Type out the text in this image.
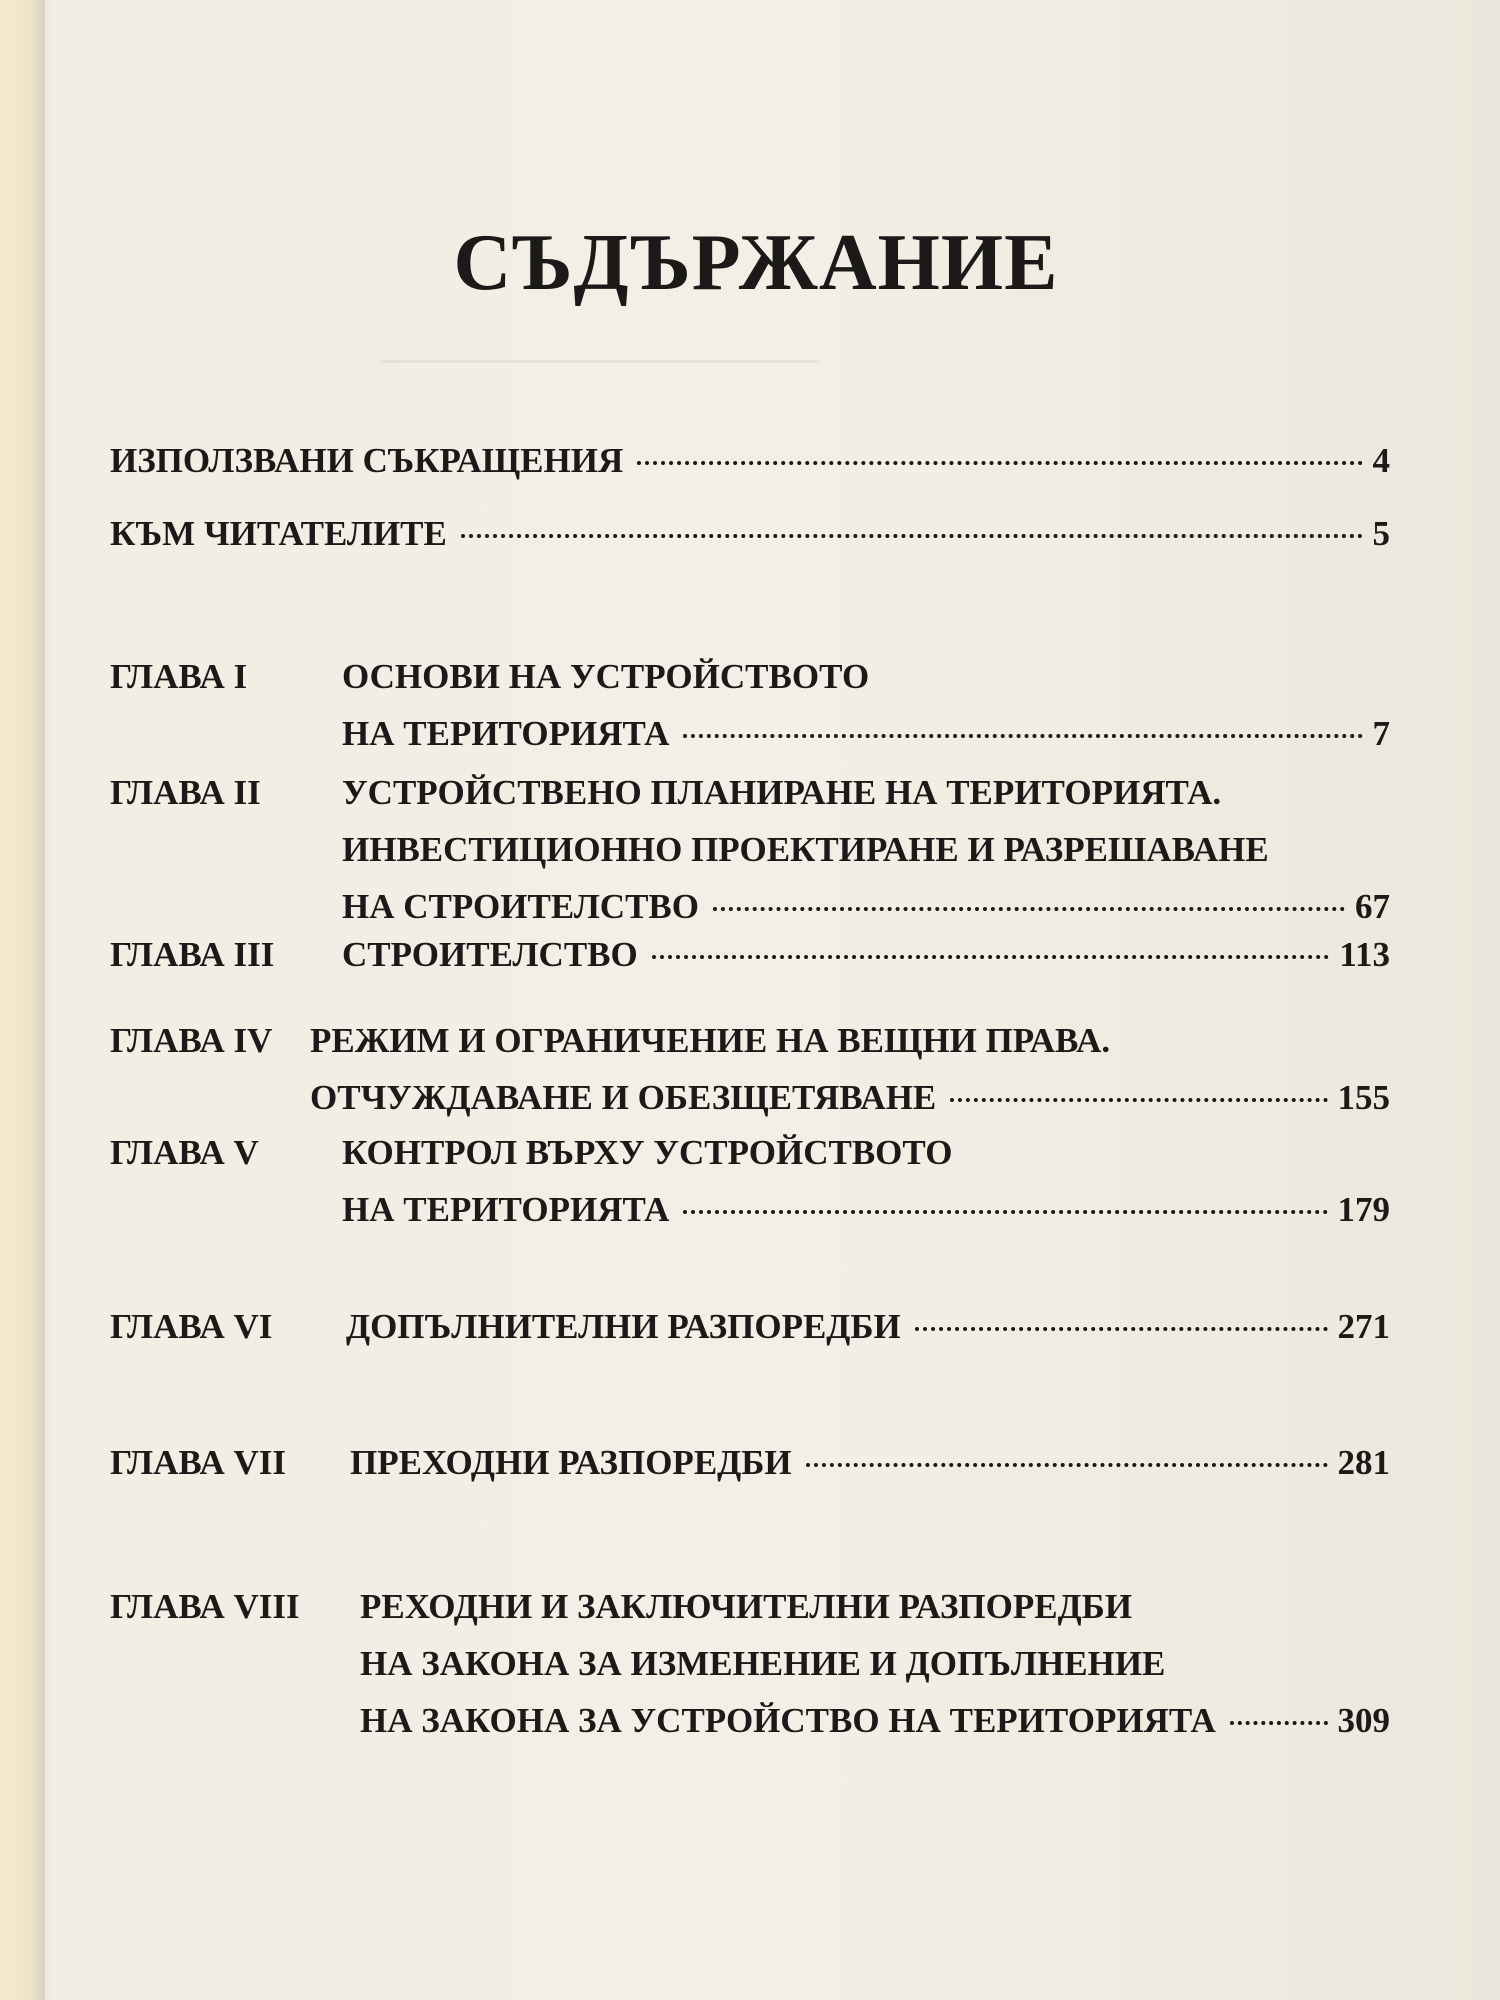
СЪДЪРЖАНИЕ
ИЗПОЛЗВАНИ СЪКРАЩЕНИЯ	4
КЪМ ЧИТАТЕЛИТЕ	5
ГЛАВА I	ОСНОВИ НА УСТРОЙСТВОТО
НА ТЕРИТОРИЯТА	7
ГЛАВА II УСТРОЙСТВЕНО ПЛАНИРАНЕ НА ТЕРИТОРИЯТА.
ИНВЕСТИЦИОННО ПРОЕКТИРАНЕ И РАЗРЕШАВАНЕ
НА СТРОИТЕЛСТВО	67
ГЛАВА III СТРОИТЕЛСТВО	113
ГЛАВА IV РЕЖИМ И ОГРАНИЧЕНИЕ НА ВЕЩНИ ПРАВА.
ОТЧУЖДАВАНЕ И ОБЕЗЩЕТЯВАНЕ	155
ГЛАВА V КОНТРОЛ ВЪРХУ УСТРОЙСТВОТО
НА ТЕРИТОРИЯТА	179
ГЛАВА VI ДОПЪЛНИТЕЛНИ РАЗПОРЕДБИ	271
ГЛАВА VII ПРЕХОДНИ РАЗПОРЕДБИ	281
ГЛАВА VIII РЕХОДНИ И ЗАКЛЮЧИТЕЛНИ РАЗПОРЕДБИ
НА ЗАКОНА ЗА ИЗМЕНЕНИЕ И ДОПЪЛНЕНИЕ
НА ЗАКОНА ЗА УСТРОЙСТВО НА ТЕРИТОРИЯТА	309
